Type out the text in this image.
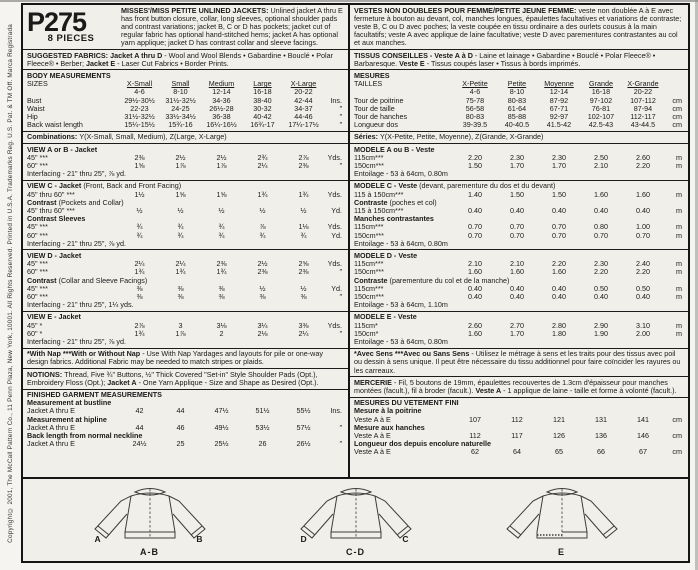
Copyright© 2001, The McCall Pattern Co., 11 Penn Plaza, New York, 10001. All Rights Reserved. Printed in U.S.A. Trademarks Reg. U.S. Pat. & TM Off. Marca Registrada
P275
8 PIECES
MISSES'/MISS PETITE UNLINED JACKETS: Unlined jacket A thru E has front button closure, collar, long sleeves, optional shoulder pads and contrast variations; jacket B, C or D has pockets; jacket cut of regular fabric has optional hand-stitched hems; jacket A has optional yarn applique; jacket D has contrast collar and sleeve facings.
SUGGESTED FABRICS: Jacket A thru D - Wool and Wool Blends • Gabardine • Bouclé • Polar Fleece® • Berber; Jacket E - Laser Cut Fabrics • Border Prints.
BODY MEASUREMENTS
SIZES	X-Small	Small	Medium	Large	X-Large
4-6	8-10	12-14	16-18	20-22
Bust	29½-30½	31½-32½	34-36	38-40	42-44	Ins.
Waist	22-23	24-25	26½-28	30-32	34-37	″
Hip	31½-32½	33½-34½	36-38	40-42	44-46	″
Back waist length	15¼-15½	15¾-16	16¼-16½	16¾-17	17¼-17½	″
Combinations: Y(X-Small, Small, Medium), Z(Large, X-Large)
VIEW A or B - Jacket
45" ***	2⅜	2½	2½	2¾	2⅞	Yds.
60" ***	1⅝	1⅞	1⅞	2¼	2⅜	″
Interfacing - 21" thru 25", ⅞ yd.
VIEW C - Jacket (Front, Back and Front Facing)
45" thru 60" ***	1½	1⅝	1⅝	1¾	1¾	Yds.
Contrast (Pockets and Collar)
45" thru 60" ***	½	½	½	½	½	Yd.
Contrast Sleeves
45" ***	¾	¾	¾	⅞	1⅛	Yds.
60" ***	¾	¾	¾	¾	¾	Yd.
Interfacing - 21" thru 25", ⅞ yd.
VIEW D - Jacket
45" ***	2¼	2¼	2⅜	2½	2⅝	Yds.
60" ***	1¾	1¾	1¾	2⅜	2⅜	″
Contrast (Collar and Sleeve Facings)
45" ***	⅜	⅜	⅜	½	½	Yd.
60" ***	⅜	⅜	⅜	⅜	⅜	″
Interfacing - 21" thru 25", 1¼ yds.
VIEW E - Jacket
45" *	2⅞	3	3⅛	3¼	3⅜	Yds.
60" *	1¾	1⅞	2	2⅛	2¼	″
Interfacing - 21" thru 25", ⅞ yd.
*With Nap ***With or Without Nap - Use With Nap Yardages and layouts for pile or one-way design fabrics. Additional Fabric may be needed to match stripes or plaids.
NOTIONS: Thread, Five ¾" Buttons, ½" Thick Covered "Set-in" Style Shoulder Pads (Opt.), Embroidery Floss (Opt.); Jacket A - One Yarn Applique - Size and Shape as Desired (Opt.).
FINISHED GARMENT MEASUREMENTS
Measurement at bustline
Jacket A thru E	42	44	47½	51½	55½	Ins.
Measurement at hipline
Jacket A thru E	44	46	49½	53½	57½	″
Back length from normal neckline
Jacket A thru E	24½	25	25½	26	26½	″
VESTES NON DOUBLEES POUR FEMME/PETITE JEUNE FEMME: veste non doublée A à E avec fermeture à bouton au devant, col, manches longues, épaulettes facultatives et variations de contraste; veste B, C ou D avec poches; la veste coupée en tissu ordinaire a des ourlets cousus à la main facultatifs; veste A avec applique de laine facultative; veste D avec parementures contrastantes au col et aux manches.
TISSUS CONSEILLES - Veste A à D - Laine et lainage • Gabardine • Bouclé • Polar Fleece® • Barbaresque. Veste E - Tissus coupés laser • Tissus à bords imprimés.
MESURES
TAILLES	X-Petite	Petite	Moyenne	Grande	X-Grande
4-6	8-10	12-14	16-18	20-22
Tour de poitrine	75-78	80-83	87-92	97-102	107-112	cm
Tour de taille	56-58	61-64	67-71	76-81	87-94	cm
Tour de hanches	80-83	85-88	92-97	102-107	112-117	cm
Longueur dos	39-39.5	40-40.5	41.5-42	42.5-43	43-44.5	cm
Séries: Y(X-Petite, Petite, Moyenne), Z(Grande, X-Grande)
MODELE A ou B - Veste
115cm***	2.20	2.30	2.30	2.50	2.60	m
150cm***	1.50	1.70	1.70	2.10	2.20	m
Entoilage - 53 à 64cm, 0.80m
MODELE C - Veste (devant, parementure du dos et du devant)
115 à 150cm***	1.40	1.50	1.50	1.60	1.60	m
Contraste (poches et col)
115 à 150cm***	0.40	0.40	0.40	0.40	0.40	m
Manches contrastantes
115cm***	0.70	0.70	0.70	0.80	1.00	m
150cm***	0.70	0.70	0.70	0.70	0.70	m
Entoilage - 53 à 64cm, 0.80m
MODELE D - Veste
115cm***	2.10	2.10	2.20	2.30	2.40	m
150cm***	1.60	1.60	1.60	2.20	2.20	m
Contraste (parementure du col et de la manche)
115cm***	0.40	0.40	0.40	0.50	0.50	m
150cm***	0.40	0.40	0.40	0.40	0.40	m
Entoilage - 53 à 64cm, 1.10m
MODELE E - Veste
115cm*	2.60	2.70	2.80	2.90	3.10	m
150cm*	1.60	1.70	1.80	1.90	2.00	m
Entoilage - 53 à 64cm, 0.80m
*Avec Sens ***Avec ou Sans Sens - Utilisez le métrage à sens et les traits pour des tissus avec poil ou dessin à sens unique. Il peut être nécessaire du tissu additionnel pour faire coïncider les rayures ou les carreaux.
MERCERIE - Fil, 5 boutons de 19mm, épaulettes recouvertes de 1.3cm d'épaisseur pour manches montées (facult.), fil à broder (facult.). Veste A - 1 applique de laine - taille et forme à volonté (facult.).
MESURES DU VETEMENT FINI
Mesure à la poitrine
Veste A à E	107	112	121	131	141	cm
Mesure aux hanches
Veste A à E	112	117	126	136	146	cm
Longueur dos depuis encolure naturelle
Veste A à E	62	64	65	66	67	cm
A	B
A-B
D	C
C-D	E
